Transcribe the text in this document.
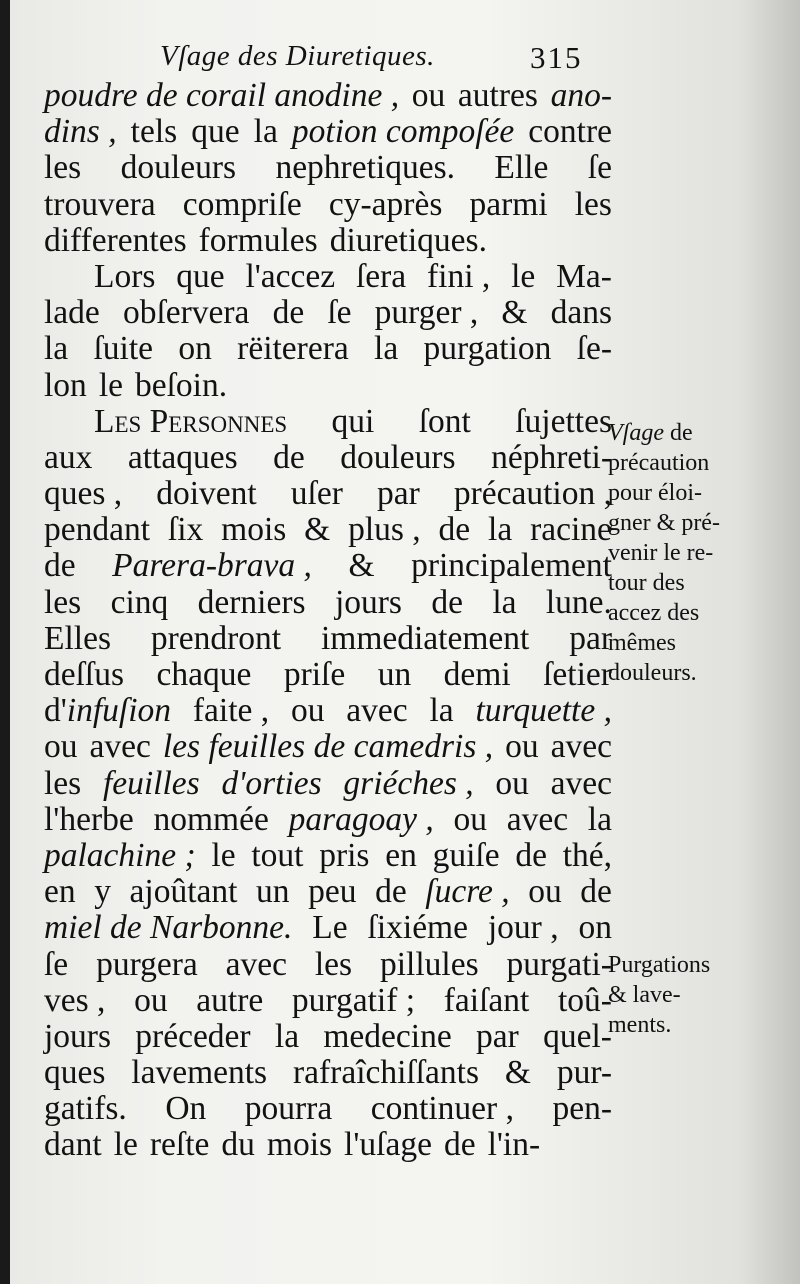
Vſage des Diuretiques.	315
poudre de corail anodine , ou autres ano-
dins , tels que la potion compoſée contre
les douleurs nephretiques. Elle ſe
trouvera compriſe cy-après parmi les
differentes formules diuretiques.
Lors que l'accez ſera fini , le Ma-
lade obſervera de ſe purger , & dans
la ſuite on rëiterera la purgation ſe-
lon le beſoin.
Les Personnes qui ſont ſujettes
aux attaques de douleurs néphreti-
ques , doivent uſer par précaution ,
pendant ſix mois & plus , de la racine
de Parera-brava , & principalement
les cinq derniers jours de la lune.
Elles prendront immediatement par
deſſus chaque priſe un demi ſetier
d'infuſion faite , ou avec la turquette ,
ou avec les feuilles de camedris , ou avec
les feuilles d'orties griéches , ou avec
l'herbe nommée paragoay , ou avec la
palachine ; le tout pris en guiſe de thé,
en y ajoûtant un peu de ſucre , ou de
miel de Narbonne. Le ſixiéme jour , on
ſe purgera avec les pillules purgati-
ves , ou autre purgatif ; faiſant toû-
jours préceder la medecine par quel-
ques lavements rafraîchiſſants & pur-
gatifs. On pourra continuer , pen-
dant le reſte du mois l'uſage de l'in-
Vſage de
précaution
pour éloi-
gner & pré-
venir le re-
tour des
accez des
mêmes
douleurs.
Purgations
& lave-
ments.
